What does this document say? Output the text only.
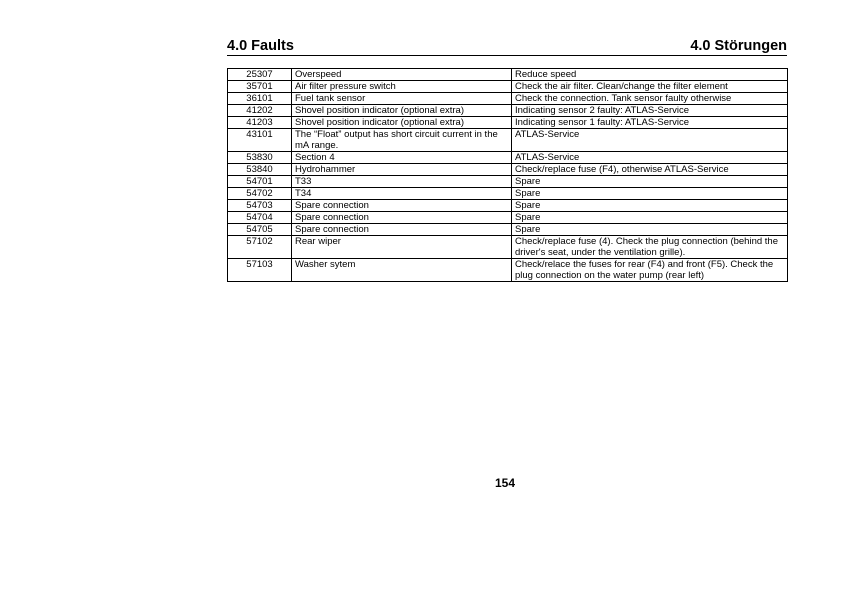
4.0 Faults	4.0 Störungen
25307	Overspeed	Reduce speed
35701	Air filter pressure switch	Check the air filter. Clean/change the filter element
36101	Fuel tank sensor	Check the connection. Tank sensor faulty otherwise
41202	Shovel position indicator (optional extra)	Indicating sensor 2 faulty: ATLAS-Service
41203	Shovel position indicator (optional extra)	Indicating sensor 1 faulty: ATLAS-Service
43101	The “Float” output has short circuit current in the mA range.	ATLAS-Service
53830	Section 4	ATLAS-Service
53840	Hydrohammer	Check/replace fuse (F4), otherwise ATLAS-Service
54701	T33	Spare
54702	T34	Spare
54703	Spare connection	Spare
54704	Spare connection	Spare
54705	Spare connection	Spare
57102	Rear wiper	Check/replace fuse (4). Check the plug connection (behind the driver's seat, under the ventilation grille).
57103	Washer sytem	Check/relace the fuses for rear (F4) and front (F5). Check the plug connection on the water pump (rear left)
154
